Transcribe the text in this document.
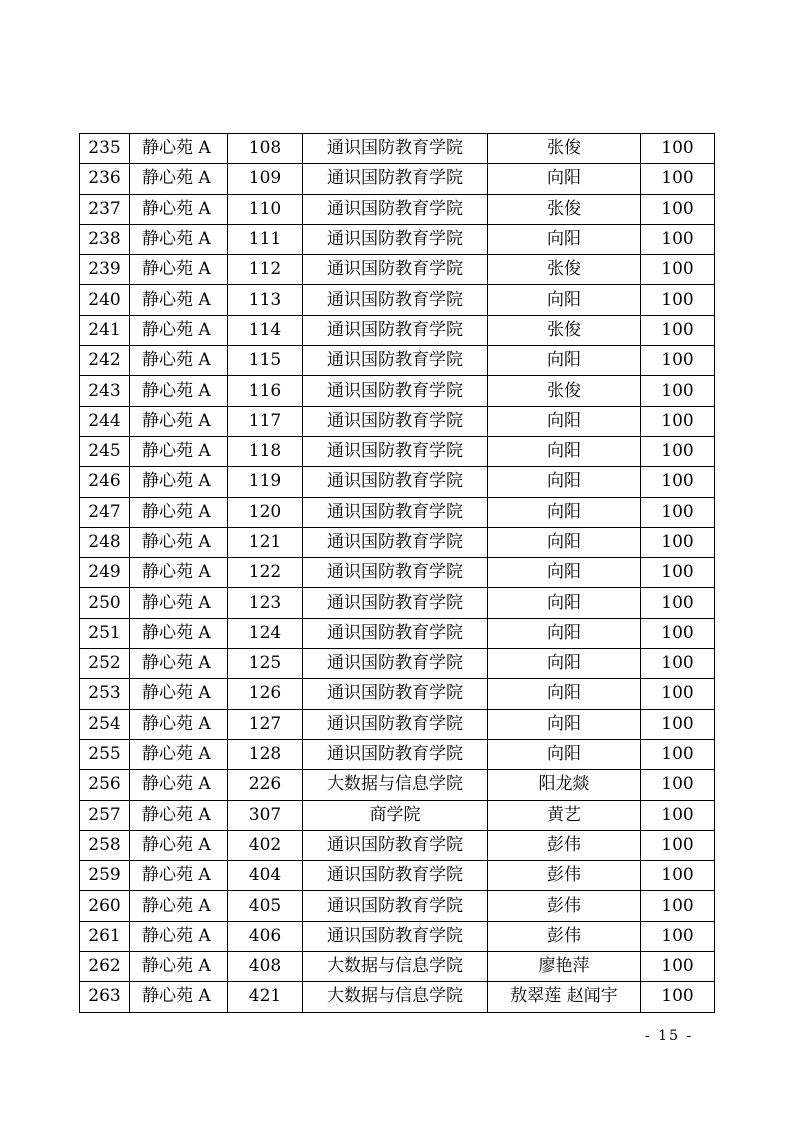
235	静心苑 A	108	通识国防教育学院	张俊	100
236	静心苑 A	109	通识国防教育学院	向阳	100
237	静心苑 A	110	通识国防教育学院	张俊	100
238	静心苑 A	111	通识国防教育学院	向阳	100
239	静心苑 A	112	通识国防教育学院	张俊	100
240	静心苑 A	113	通识国防教育学院	向阳	100
241	静心苑 A	114	通识国防教育学院	张俊	100
242	静心苑 A	115	通识国防教育学院	向阳	100
243	静心苑 A	116	通识国防教育学院	张俊	100
244	静心苑 A	117	通识国防教育学院	向阳	100
245	静心苑 A	118	通识国防教育学院	向阳	100
246	静心苑 A	119	通识国防教育学院	向阳	100
247	静心苑 A	120	通识国防教育学院	向阳	100
248	静心苑 A	121	通识国防教育学院	向阳	100
249	静心苑 A	122	通识国防教育学院	向阳	100
250	静心苑 A	123	通识国防教育学院	向阳	100
251	静心苑 A	124	通识国防教育学院	向阳	100
252	静心苑 A	125	通识国防教育学院	向阳	100
253	静心苑 A	126	通识国防教育学院	向阳	100
254	静心苑 A	127	通识国防教育学院	向阳	100
255	静心苑 A	128	通识国防教育学院	向阳	100
256	静心苑 A	226	大数据与信息学院	阳龙燚	100
257	静心苑 A	307	商学院	黄艺	100
258	静心苑 A	402	通识国防教育学院	彭伟	100
259	静心苑 A	404	通识国防教育学院	彭伟	100
260	静心苑 A	405	通识国防教育学院	彭伟	100
261	静心苑 A	406	通识国防教育学院	彭伟	100
262	静心苑 A	408	大数据与信息学院	廖艳萍	100
263	静心苑 A	421	大数据与信息学院	敖翠莲 赵闻宇	100
- 15 -
